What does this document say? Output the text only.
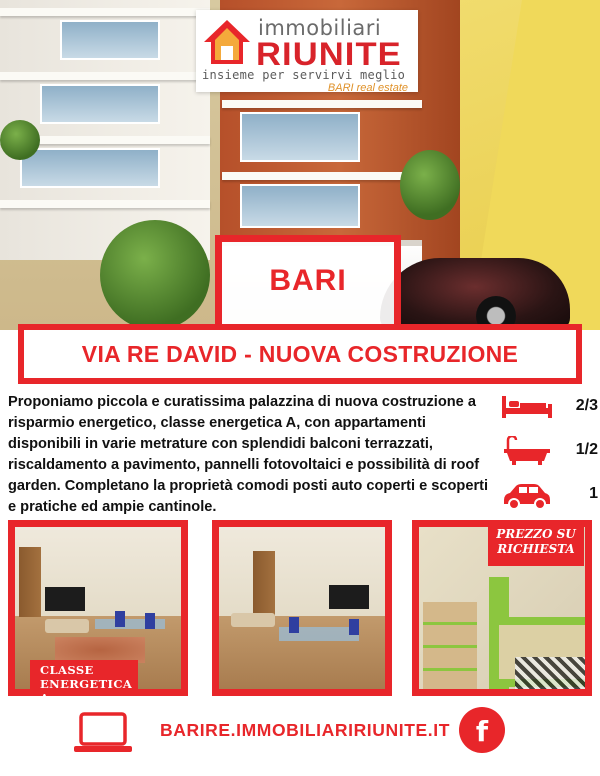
immobiliari
RIUNITE
insieme per servirvi meglio
BARI real estate
BARI
VIA RE DAVID - NUOVA COSTRUZIONE

Proponiamo piccola e curatissima palazzina di nuova costruzione a risparmio energetico, classe energetica A, con appartamenti disponibili in varie metrature con splendidi balconi terrazzati, riscaldamento a pavimento, pannelli fotovoltaici e possibilità di roof garden. Completano la proprietà comodi posti auto coperti e scoperti e pratiche ed ampie cantinole.

2/3
1/2
1
CLASSE
ENERGETICA A
PREZZO SU
RICHIESTA
BARIRE.IMMOBILIARIRIUNITE.IT f
